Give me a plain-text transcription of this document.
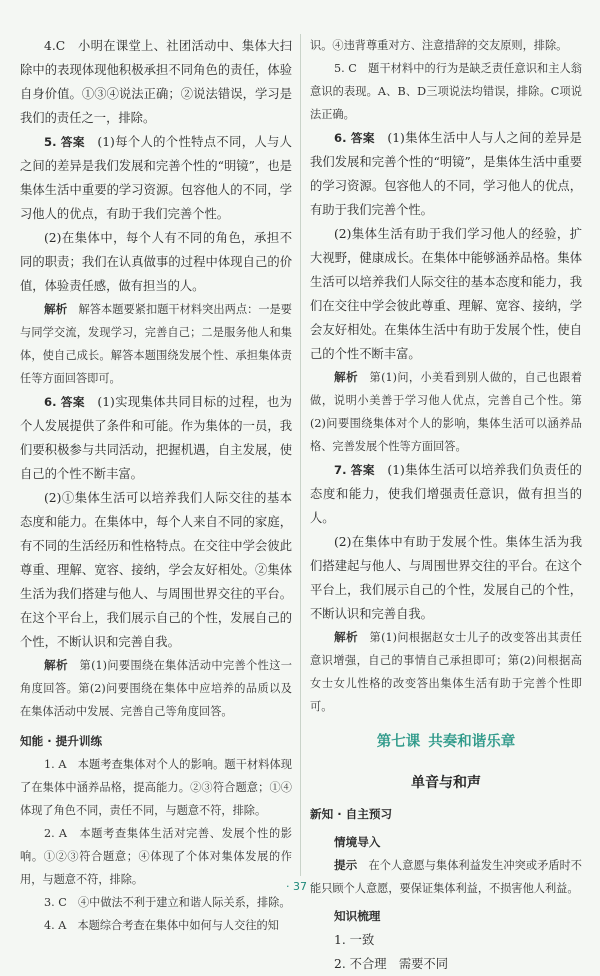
4.C　小明在课堂上、社团活动中、集体大扫除中的表现体现他积极承担不同角色的责任，体验自身价值。①③④说法正确；②说法错误，学习是我们的责任之一，排除。

5. 答案　 (1)每个人的个性特点不同，人与人之间的差异是我们发展和完善个性的“明镜”，也是集体生活中重要的学习资源。包容他人的不同，学习他人的优点，有助于我们完善个性。

(2)在集体中，每个人有不同的角色，承担不同的职责；我们在认真做事的过程中体现自己的价值，体验责任感，做有担当的人。

解析　 解答本题要紧扣题干材料突出两点：一是要与同学交流，发现学习，完善自己；二是服务他人和集体，使自己成长。解答本题围绕发展个性、承担集体责任等方面回答即可。

6. 答案　 (1)实现集体共同目标的过程，也为个人发展提供了条件和可能。作为集体的一员，我们要积极参与共同活动，把握机遇，自主发展，使自己的个性不断丰富。

(2)①集体生活可以培养我们人际交往的基本态度和能力。在集体中，每个人来自不同的家庭，有不同的生活经历和性格特点。在交往中学会彼此尊重、理解、宽容、接纳，学会友好相处。②集体生活为我们搭建与他人、与周围世界交往的平台。在这个平台上，我们展示自己的个性，发展自己的个性，不断认识和完善自我。

解析　 第(1)问要围绕在集体活动中完善个性这一角度回答。第(2)问要围绕在集体中应培养的品质以及在集体活动中发展、完善自己等角度回答。

知能 · 提升训练

1. A　本题考查集体对个人的影响。题干材料体现了在集体中涵养品格，提高能力。②③符合题意；①④体现了角色不同，责任不同，与题意不符，排除。

2. A　本题考查集体生活对完善、发展个性的影响。①②③符合题意；④体现了个体对集体发展的作用，与题意不符，排除。

3. C　④中做法不利于建立和谐人际关系，排除。

4. A　本题综合考查在集体中如何与人交往的知

识。④违背尊重对方、注意措辞的交友原则，排除。

5. C　题干材料中的行为是缺乏责任意识和主人翁意识的表现。A、B、D三项说法均错误，排除。C项说法正确。

6. 答案　 (1)集体生活中人与人之间的差异是我们发展和完善个性的“明镜”，是集体生活中重要的学习资源。包容他人的不同，学习他人的优点，有助于我们完善个性。

(2)集体生活有助于我们学习他人的经验，扩大视野，健康成长。在集体中能够涵养品格。集体生活可以培养我们人际交往的基本态度和能力，我们在交往中学会彼此尊重、理解、宽容、接纳，学会友好相处。在集体生活中有助于发展个性，使自己的个性不断丰富。

解析　 第(1)问，小美看到别人做的，自己也跟着做，说明小美善于学习他人优点，完善自己个性。第(2)问要围绕集体对个人的影响，集体生活可以涵养品格、完善发展个性等方面回答。

7. 答案　 (1)集体生活可以培养我们负责任的态度和能力，使我们增强责任意识，做有担当的人。

(2)在集体中有助于发展个性。集体生活为我们搭建起与他人、与周围世界交往的平台。在这个平台上，我们展示自己的个性，发展自己的个性，不断认识和完善自我。

解析　 第(1)问根据赵女士儿子的改变答出其责任意识增强，自己的事情自己承担即可；第(2)问根据高女士女儿性格的改变答出集体生活有助于完善个性即可。

第七课 共奏和谐乐章
单音与和声
新知 · 自主预习
情境导入

提示　 在个人意愿与集体利益发生冲突或矛盾时不能只顾个人意愿，要保证集体利益，不损害他人利益。

知识梳理

1. 一致

2. 不合理　需要不同

· 37 ·
